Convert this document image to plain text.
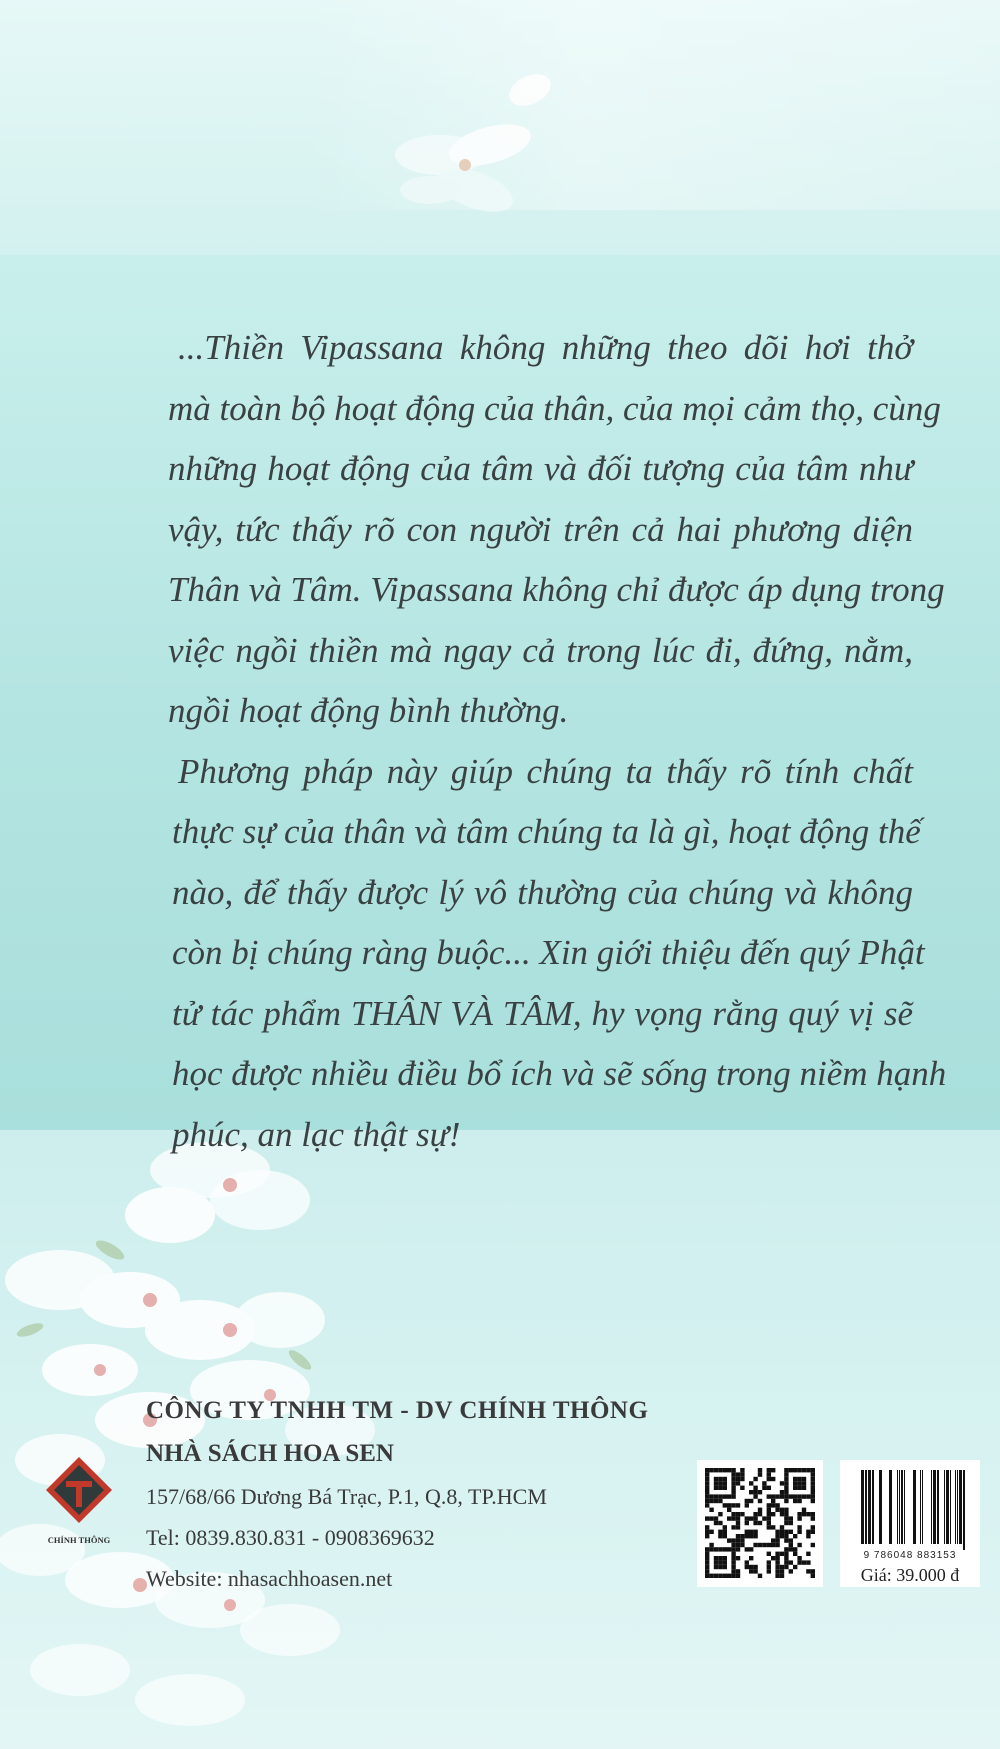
...Thiền Vipassana không những theo dõi hơi thở
mà toàn bộ hoạt động của thân, của mọi cảm thọ, cùng
những hoạt động của tâm và đối tượng của tâm như
vậy, tức thấy rõ con người trên cả hai phương diện
Thân và Tâm. Vipassana không chỉ được áp dụng trong
việc ngồi thiền mà ngay cả trong lúc đi, đứng, nằm,
ngồi hoạt động bình thường.

Phương pháp này giúp chúng ta thấy rõ tính chất
thực sự của thân và tâm chúng ta là gì, hoạt động thế
nào, để thấy được lý vô thường của chúng và không
còn bị chúng ràng buộc... Xin giới thiệu đến quý Phật
tử tác phẩm THÂN VÀ TÂM, hy vọng rằng quý vị sẽ
học được nhiều điều bổ ích và sẽ sống trong niềm hạnh
phúc, an lạc thật sự!

CHÍNH THÔNG
CÔNG TY TNHH TM - DV CHÍNH THÔNG
NHÀ SÁCH HOA SEN
157/68/66 Dương Bá Trạc, P.1, Q.8, TP.HCM
Tel: 0839.830.831 - 0908369632
Website: nhasachhoasen.net
9 786048 883153
Giá: 39.000 đ
